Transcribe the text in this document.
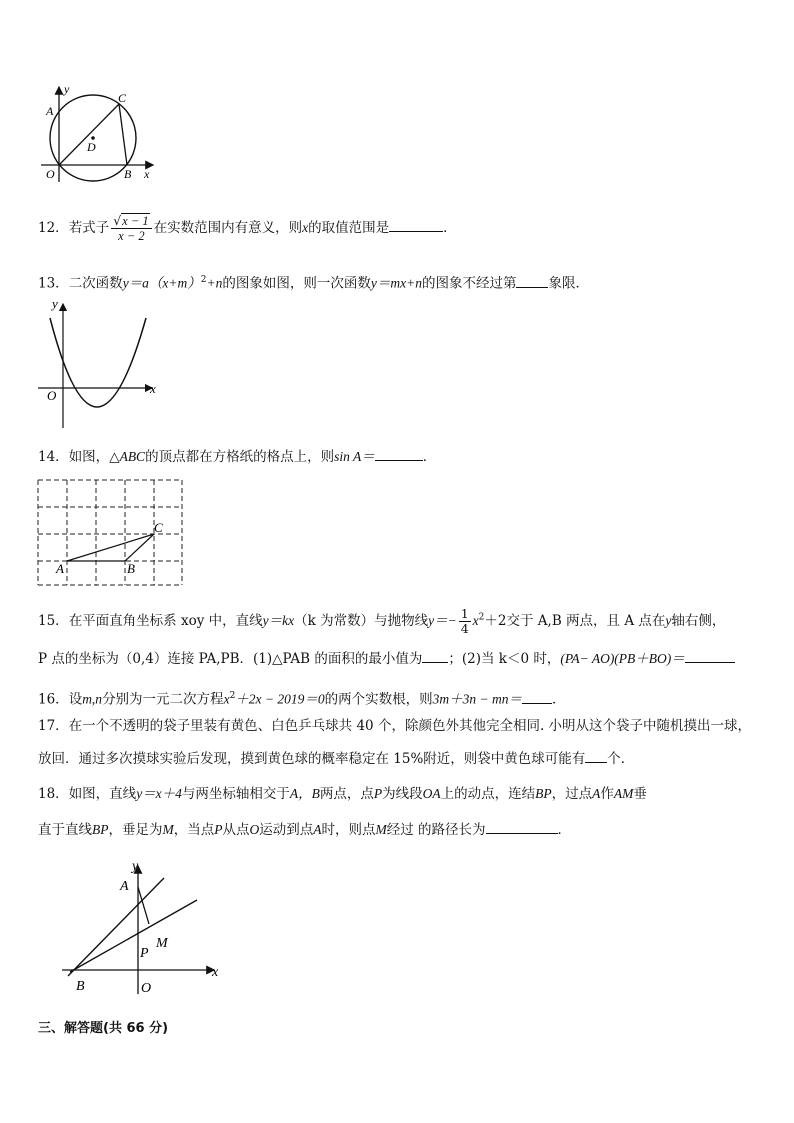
y
A
C
D
O	B x
12．若式子 $\frac{√x - 1}{x - 2}$ 在实数范围内有意义，则x的取值范围是	．
13．二次函数$y=a(x+m)^2+n$的图象如图，则一次函数y＝mx+n的图象不经过第 象限．
y
x
O
14．如图，△ABC的顶点都在方格纸的格点上，则sin A＝	．
A	B
C
15．在平面直角坐标系 xoy 中，直线y＝kx（k 为常数）与抛物线$y=- \frac{1}{4} x^2+2$交于 A,B 两点，且 A 点在y轴右侧，
P 点的坐标为（0,4）连接 PA,PB．(1)△PAB 的面积的最小值为 ；(2)当 k＜0 时，(PA− AO)(PB＋BO)＝
16．设m,n分别为一元二次方程$x^2+2x - 2019=0$的两个实数根，则3m＋3n − mn＝ ．
17．在一个不透明的袋子里装有黄色、白色乒乓球共 40 个，除颜色外其他完全相同. 小明从这个袋子中随机摸出一球，
放回．通过多次摸球实验后发现，摸到黄色球的概率稳定在 15%附近，则袋中黄色球可能有 个．
18．如图，直线y＝x＋4与两坐标轴相交于A，B两点，点P为线段OA上的动点，连结BP，过点A作AM垂
直于直线BP，垂足为M，当点P从点O运动到点A时，则点M经过 的路径长为	．
y
A
M
P
x
B	O
三、解答题(共 66 分)
